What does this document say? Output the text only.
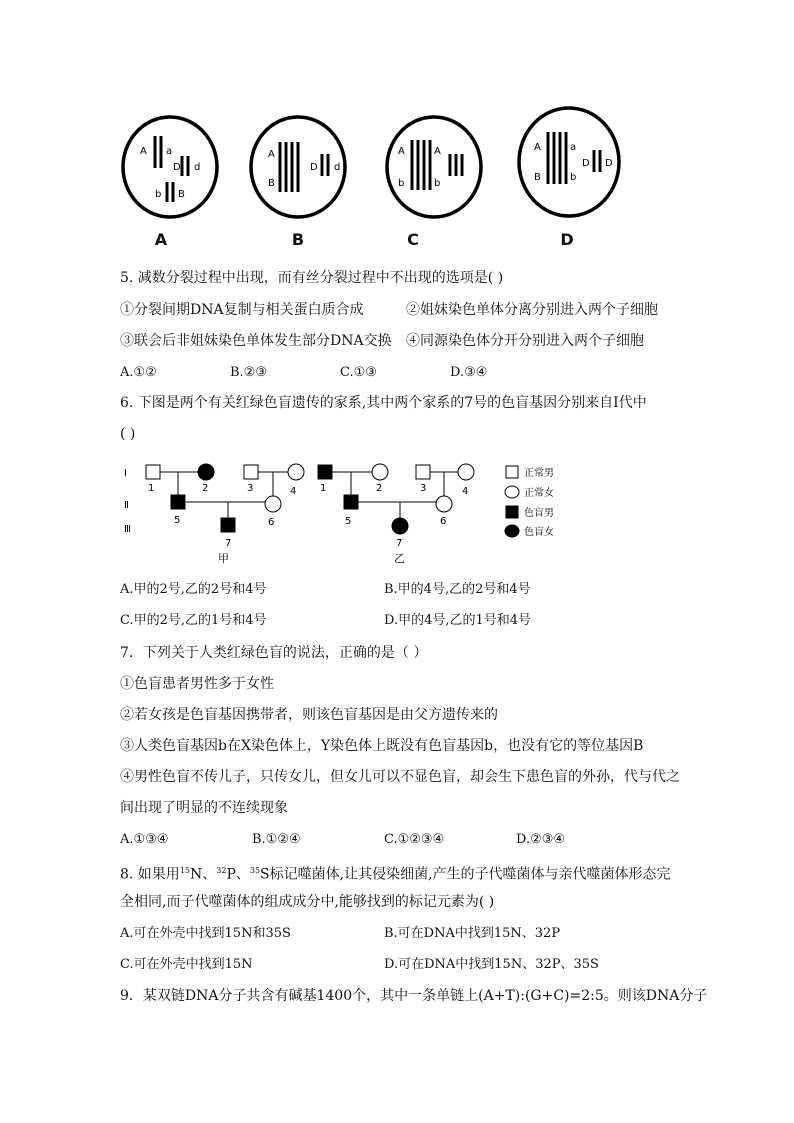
A a
D d
b B
A
A
B
D d
B
A
b
A
b
C
A
B
a
b
D D
D
5. 减数分裂过程中出现，而有丝分裂过程中不出现的选项是( )
①分裂间期DNA复制与相关蛋白质合成	②姐妹染色单体分离分别进入两个子细胞
③联会后非姐妹染色单体发生部分DNA交换 ④同源染色体分开分别进入两个子细胞
A.①②	B.②③	C.①③	D.③④
6. 下图是两个有关红绿色盲遗传的家系,其中两个家系的7号的色盲基因分别来自Ⅰ代中
( )
Ⅰ
Ⅱ
Ⅲ
1	2	3	4
5	6
7
甲
1	2	3	4
5	6
7
乙
正常男
正常女
色盲男
色盲女
A.甲的2号,乙的2号和4号	B.甲的4号,乙的2号和4号
C.甲的2号,乙的1号和4号	D.甲的4号,乙的1号和4号
7．下列关于人类红绿色盲的说法，正确的是（ ）
①色盲患者男性多于女性
②若女孩是色盲基因携带者，则该色盲基因是由父方遗传来的
③人类色盲基因b在X染色体上，Y染色体上既没有色盲基因b，也没有它的等位基因B
④男性色盲不传儿子，只传女儿，但女儿可以不显色盲，却会生下患色盲的外孙，代与代之
间出现了明显的不连续现象
A.①③④	B.①②④	C.①②③④	D.②③④
8. 如果用$^{15}$N、$^{32}$P、$^{35}$S标记噬菌体,让其侵染细菌,产生的子代噬菌体与亲代噬菌体形态完
全相同,而子代噬菌体的组成成分中,能够找到的标记元素为( )
A.可在外壳中找到15N和35S	B.可在DNA中找到15N、32P
C.可在外壳中找到15N	D.可在DNA中找到15N、32P、35S
9．某双链DNA分子共含有碱基1400个，其中一条单链上(A+T):(G+C)=2:5。则该DNA分子
